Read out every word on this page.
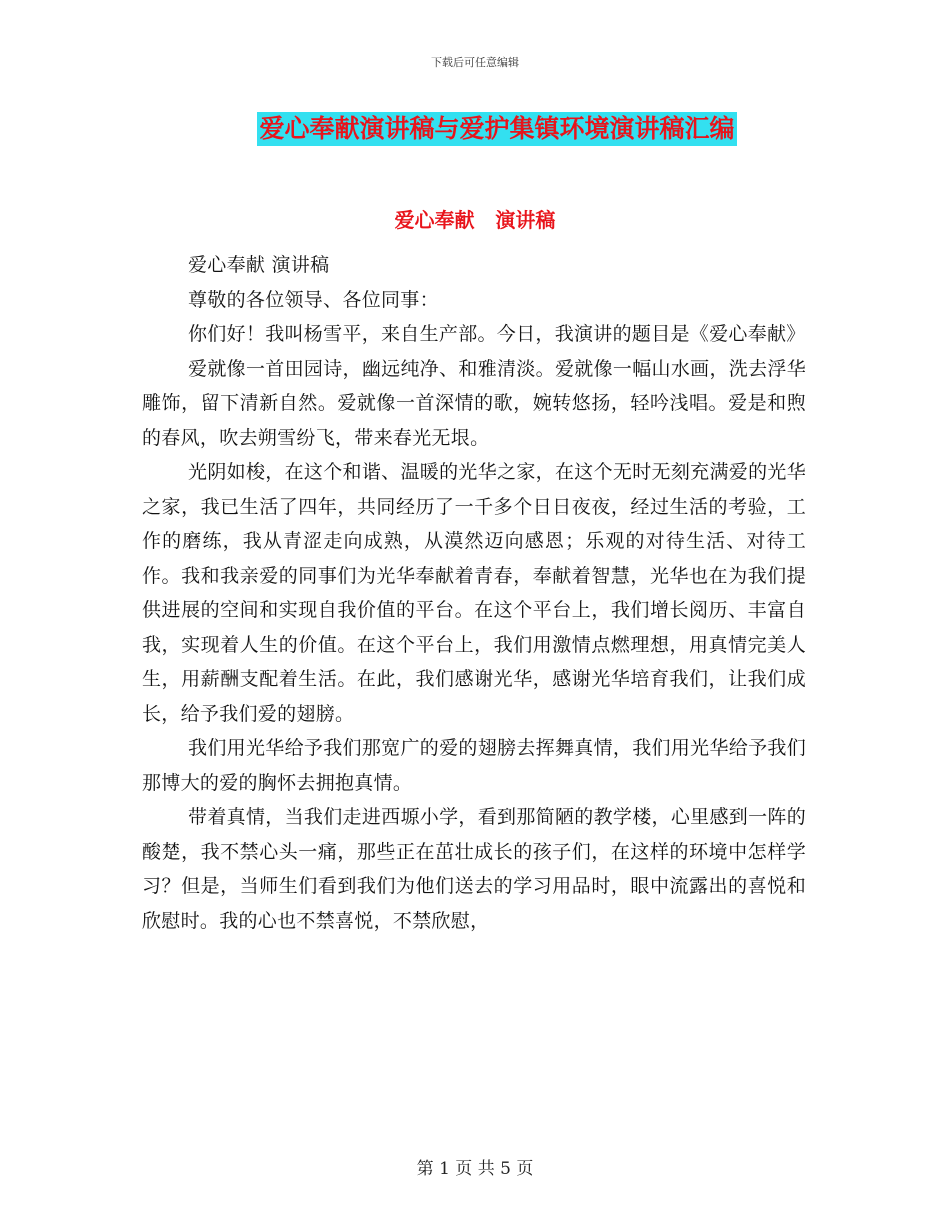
下载后可任意编辑
爱心奉献演讲稿与爱护集镇环境演讲稿汇编
爱心奉献   演讲稿

爱心奉献 演讲稿

尊敬的各位领导、各位同事：

你们好！我叫杨雪平，来自生产部。今日，我演讲的题目是《爱心奉献》

爱就像一首田园诗，幽远纯净、和雅清淡。爱就像一幅山水画，洗去浮华雕饰，留下清新自然。爱就像一首深情的歌，婉转悠扬，轻吟浅唱。爱是和煦的春风，吹去朔雪纷飞，带来春光无垠。

光阴如梭，在这个和谐、温暖的光华之家，在这个无时无刻充满爱的光华之家，我已生活了四年，共同经历了一千多个日日夜夜，经过生活的考验，工作的磨练，我从青涩走向成熟，从漠然迈向感恩；乐观的对待生活、对待工作。我和我亲爱的同事们为光华奉献着青春，奉献着智慧，光华也在为我们提供进展的空间和实现自我价值的平台。在这个平台上，我们增长阅历、丰富自我，实现着人生的价值。在这个平台上，我们用激情点燃理想，用真情完美人生，用薪酬支配着生活。在此，我们感谢光华，感谢光华培育我们，让我们成长，给予我们爱的翅膀。

我们用光华给予我们那宽广的爱的翅膀去挥舞真情，我们用光华给予我们那博大的爱的胸怀去拥抱真情。

带着真情，当我们走进西塬小学，看到那简陋的教学楼，心里感到一阵的酸楚，我不禁心头一痛，那些正在茁壮成长的孩子们，在这样的环境中怎样学习？但是，当师生们看到我们为他们送去的学习用品时，眼中流露出的喜悦和欣慰时。我的心也不禁喜悦，不禁欣慰，

第 1 页 共 5 页
